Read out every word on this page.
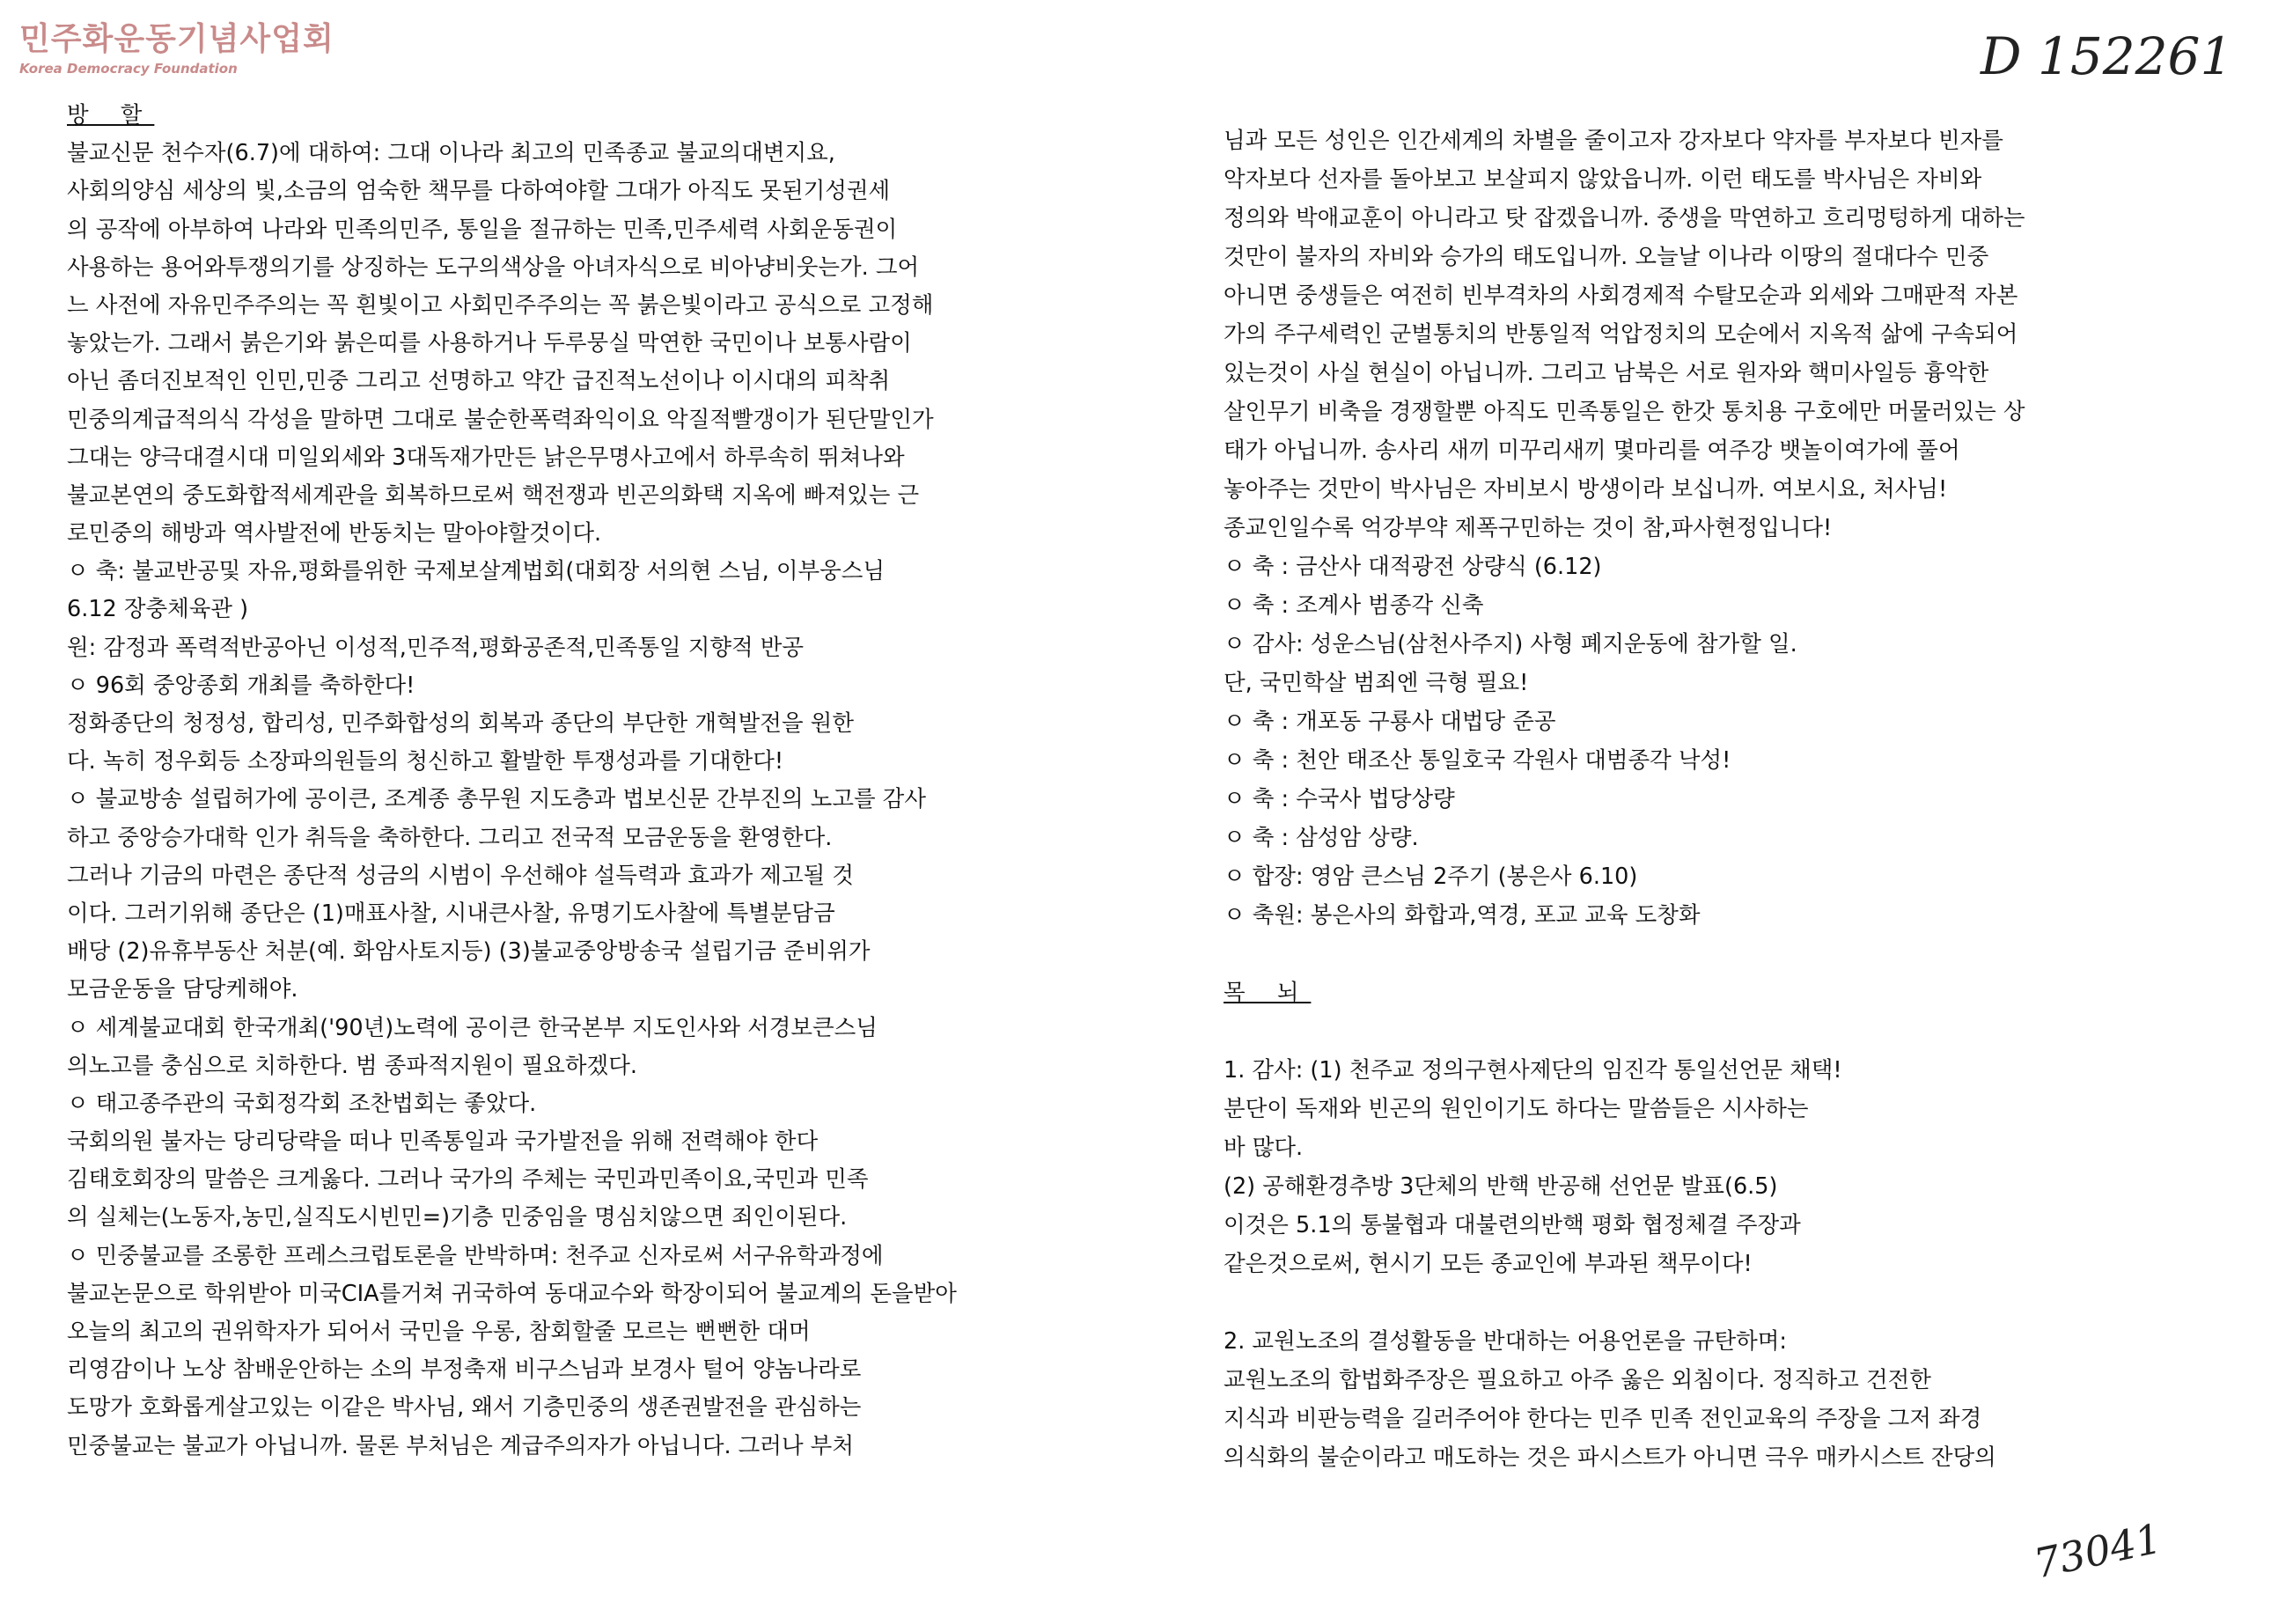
민주화운동기념사업회
Korea Democracy Foundation	D 152261
73041
방 할
불교신문 천수자(6.7)에 대하여: 그대 이나라 최고의 민족종교 불교의대변지요,
사회의양심 세상의 빛,소금의 엄숙한 책무를 다하여야할 그대가 아직도 못된기성권세
의 공작에 아부하여 나라와 민족의민주, 통일을 절규하는 민족,민주세력 사회운동권이
사용하는 용어와투쟁의기를 상징하는 도구의색상을 아녀자식으로 비아냥비웃는가. 그어
느 사전에 자유민주주의는 꼭 흰빛이고 사회민주주의는 꼭 붉은빛이라고 공식으로 고정해
놓았는가. 그래서 붉은기와 붉은띠를 사용하거나 두루뭉실 막연한 국민이나 보통사람이
아닌 좀더진보적인 인민,민중 그리고 선명하고 약간 급진적노선이나 이시대의 피착취
민중의계급적의식 각성을 말하면 그대로 불순한폭력좌익이요 악질적빨갱이가 된단말인가
그대는 양극대결시대 미일외세와 3대독재가만든 낡은무명사고에서 하루속히 뛰쳐나와
불교본연의 중도화합적세계관을 회복하므로써 핵전쟁과 빈곤의화택 지옥에 빠져있는 근
로민중의 해방과 역사발전에 반동치는 말아야할것이다.
ㅇ 축: 불교반공및 자유,평화를위한 국제보살계법회(대회장 서의현 스님, 이부웅스님
6.12 장충체육관 )
원: 감정과 폭력적반공아닌 이성적,민주적,평화공존적,민족통일 지향적 반공
ㅇ 96회 중앙종회 개최를 축하한다!
정화종단의 청정성, 합리성, 민주화합성의 회복과 종단의 부단한 개혁발전을 원한
다. 녹히 정우회등 소장파의원들의 청신하고 활발한 투쟁성과를 기대한다!
ㅇ 불교방송 설립허가에 공이큰, 조계종 총무원 지도층과 법보신문 간부진의 노고를 감사
하고 중앙승가대학 인가 취득을 축하한다. 그리고 전국적 모금운동을 환영한다.
그러나 기금의 마련은 종단적 성금의 시범이 우선해야 설득력과 효과가 제고될 것
이다. 그러기위해 종단은 (1)매표사찰, 시내큰사찰, 유명기도사찰에 특별분담금
배당 (2)유휴부동산 처분(예. 화암사토지등) (3)불교중앙방송국 설립기금 준비위가
모금운동을 담당케해야.
ㅇ 세계불교대회 한국개최('90년)노력에 공이큰 한국본부 지도인사와 서경보큰스님
의노고를 충심으로 치하한다. 범 종파적지원이 필요하겠다.
ㅇ 태고종주관의 국회정각회 조찬법회는 좋았다.
국회의원 불자는 당리당략을 떠나 민족통일과 국가발전을 위해 전력해야 한다
김태호회장의 말씀은 크게옳다. 그러나 국가의 주체는 국민과민족이요,국민과 민족
의 실체는(노동자,농민,실직도시빈민=)기층 민중임을 명심치않으면 죄인이된다.
ㅇ 민중불교를 조롱한 프레스크럽토론을 반박하며: 천주교 신자로써 서구유학과정에
불교논문으로 학위받아 미국CIA를거쳐 귀국하여 동대교수와 학장이되어 불교계의 돈을받아
오늘의 최고의 권위학자가 되어서 국민을 우롱, 참회할줄 모르는 뻔뻔한 대머
리영감이나 노상 참배운안하는 소의 부정축재 비구스님과 보경사 털어 양놈나라로
도망가 호화롭게살고있는 이같은 박사님, 왜서 기층민중의 생존권발전을 관심하는
민중불교는 불교가 아닙니까. 물론 부처님은 계급주의자가 아닙니다. 그러나 부처
님과 모든 성인은 인간세계의 차별을 줄이고자 강자보다 약자를 부자보다 빈자를
악자보다 선자를 돌아보고 보살피지 않았읍니까. 이런 태도를 박사님은 자비와
정의와 박애교훈이 아니라고 탓 잡겠읍니까. 중생을 막연하고 흐리멍텅하게 대하는
것만이 불자의 자비와 승가의 태도입니까. 오늘날 이나라 이땅의 절대다수 민중
아니면 중생들은 여전히 빈부격차의 사회경제적 수탈모순과 외세와 그매판적 자본
가의 주구세력인 군벌통치의 반통일적 억압정치의 모순에서 지옥적 삶에 구속되어
있는것이 사실 현실이 아닙니까. 그리고 남북은 서로 원자와 핵미사일등 흉악한
살인무기 비축을 경쟁할뿐 아직도 민족통일은 한갓 통치용 구호에만 머물러있는 상
태가 아닙니까. 송사리 새끼 미꾸리새끼 몇마리를 여주강 뱃놀이여가에 풀어
놓아주는 것만이 박사님은 자비보시 방생이라 보십니까. 여보시요, 처사님!
종교인일수록 억강부약 제폭구민하는 것이 참,파사현정입니다!
ㅇ 축 : 금산사 대적광전 상량식 (6.12)
ㅇ 축 : 조계사 범종각 신축
ㅇ 감사: 성운스님(삼천사주지) 사형 폐지운동에 참가할 일.
단, 국민학살 범죄엔 극형 필요!
ㅇ 축 : 개포동 구룡사 대법당 준공
ㅇ 축 : 천안 태조산 통일호국 각원사 대범종각 낙성!
ㅇ 축 : 수국사 법당상량
ㅇ 축 : 삼성암 상량.
ㅇ 합장: 영암 큰스님 2주기 (봉은사 6.10)
ㅇ 축원: 봉은사의 화합과,역경, 포교 교육 도창화
목 뇌
1. 감사: (1) 천주교 정의구현사제단의 임진각 통일선언문 채택!
분단이 독재와 빈곤의 원인이기도 하다는 말씀들은 시사하는
바 많다.
(2) 공해환경추방 3단체의 반핵 반공해 선언문 발표(6.5)
이것은 5.1의 통불협과 대불련의반핵 평화 협정체결 주장과
같은것으로써, 현시기 모든 종교인에 부과된 책무이다!
2. 교원노조의 결성활동을 반대하는 어용언론을 규탄하며:
교원노조의 합법화주장은 필요하고 아주 옳은 외침이다. 정직하고 건전한
지식과 비판능력을 길러주어야 한다는 민주 민족 전인교육의 주장을 그저 좌경
의식화의 불순이라고 매도하는 것은 파시스트가 아니면 극우 매카시스트 잔당의
